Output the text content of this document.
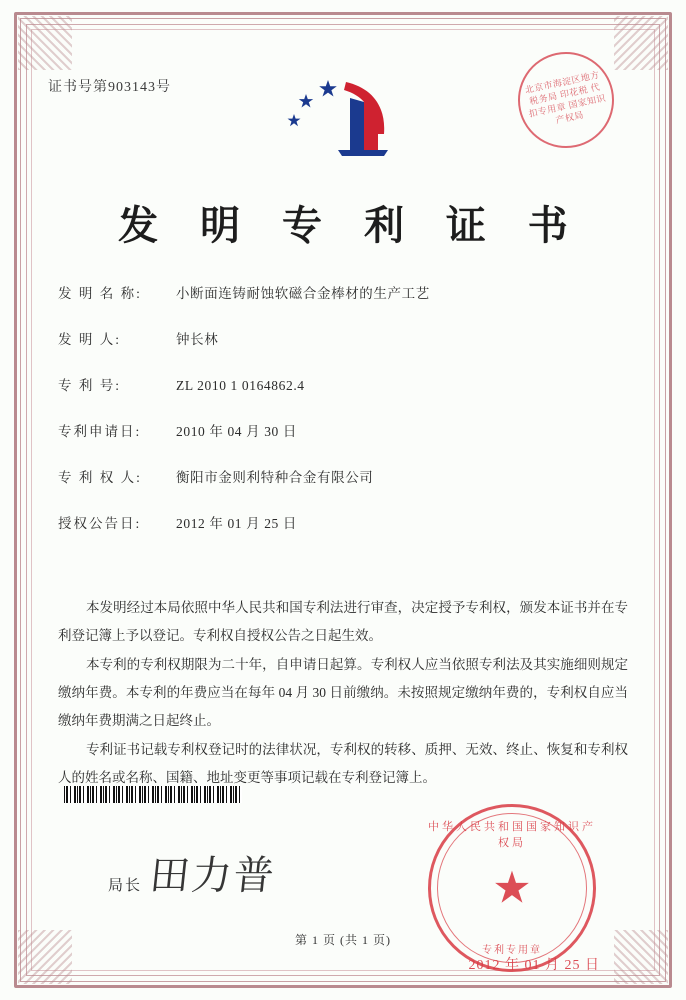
证书号第903143号	北京市海淀区地方税务局 印花税 代扣专用章 国家知识产权局
发 明 专 利 证 书
发 明 名 称:	小断面连铸耐蚀软磁合金棒材的生产工艺
发 明 人:	钟长林
专 利 号:	ZL 2010 1 0164862.4
专利申请日:	2010 年 04 月 30 日
专 利 权 人:	衡阳市金则利特种合金有限公司
授权公告日:	2012 年 01 月 25 日

本发明经过本局依照中华人民共和国专利法进行审查，决定授予专利权，颁发本证书并在专利登记簿上予以登记。专利权自授权公告之日起生效。

本专利的专利权期限为二十年，自申请日起算。专利权人应当依照专利法及其实施细则规定缴纳年费。本专利的年费应当在每年 04 月 30 日前缴纳。未按照规定缴纳年费的，专利权自应当缴纳年费期满之日起终止。

专利证书记载专利权登记时的法律状况，专利权的转移、质押、无效、终止、恢复和专利权人的姓名或名称、国籍、地址变更等事项记载在专利登记簿上。

局长 田力普
中华人民共和国国家知识产权局
★
专利专用章
2012 年 01 月 25 日
第 1 页 (共 1 页)
